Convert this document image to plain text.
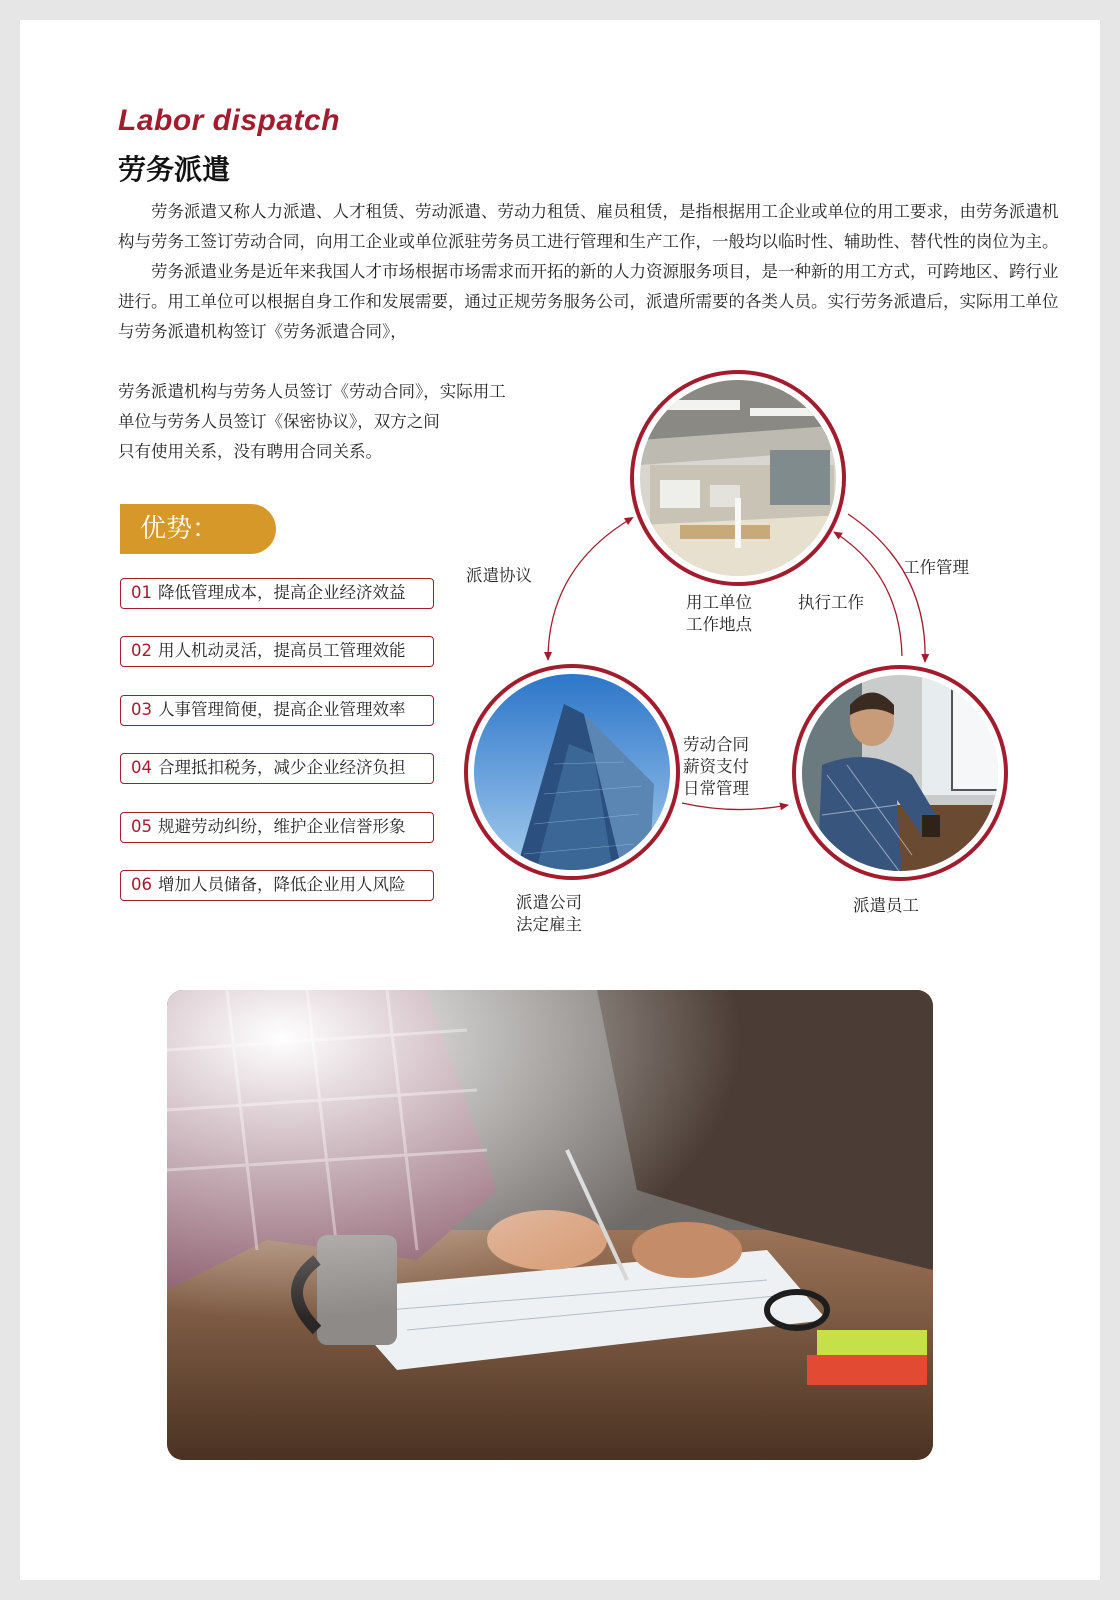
Labor dispatch
劳务派遣

劳务派遣又称人力派遣、人才租赁、劳动派遣、劳动力租赁、雇员租赁，是指根据用工企业或单位的用工要求，由劳务派遣机构与劳务工签订劳动合同，向用工企业或单位派驻劳务员工进行管理和生产工作，一般均以临时性、辅助性、替代性的岗位为主。

劳务派遣业务是近年来我国人才市场根据市场需求而开拓的新的人力资源服务项目，是一种新的用工方式，可跨地区、跨行业进行。用工单位可以根据自身工作和发展需要，通过正规劳务服务公司，派遣所需要的各类人员。实行劳务派遣后，实际用工单位与劳务派遣机构签订《劳务派遣合同》，

劳务派遣机构与劳务人员签订《劳动合同》，实际用工
单位与劳务人员签订《保密协议》，双方之间
只有使用关系，没有聘用合同关系。
优势：
01 降低管理成本，提高企业经济效益
02 用人机动灵活，提高员工管理效能
03 人事管理简便，提高企业管理效率
04 合理抵扣税务，减少企业经济负担
05 规避劳动纠纷，维护企业信誉形象
06 增加人员储备，降低企业用人风险
用工单位
工作地点
派遣公司
法定雇主
派遣员工
派遣协议	工作管理
执行工作
劳动合同
薪资支付
日常管理
